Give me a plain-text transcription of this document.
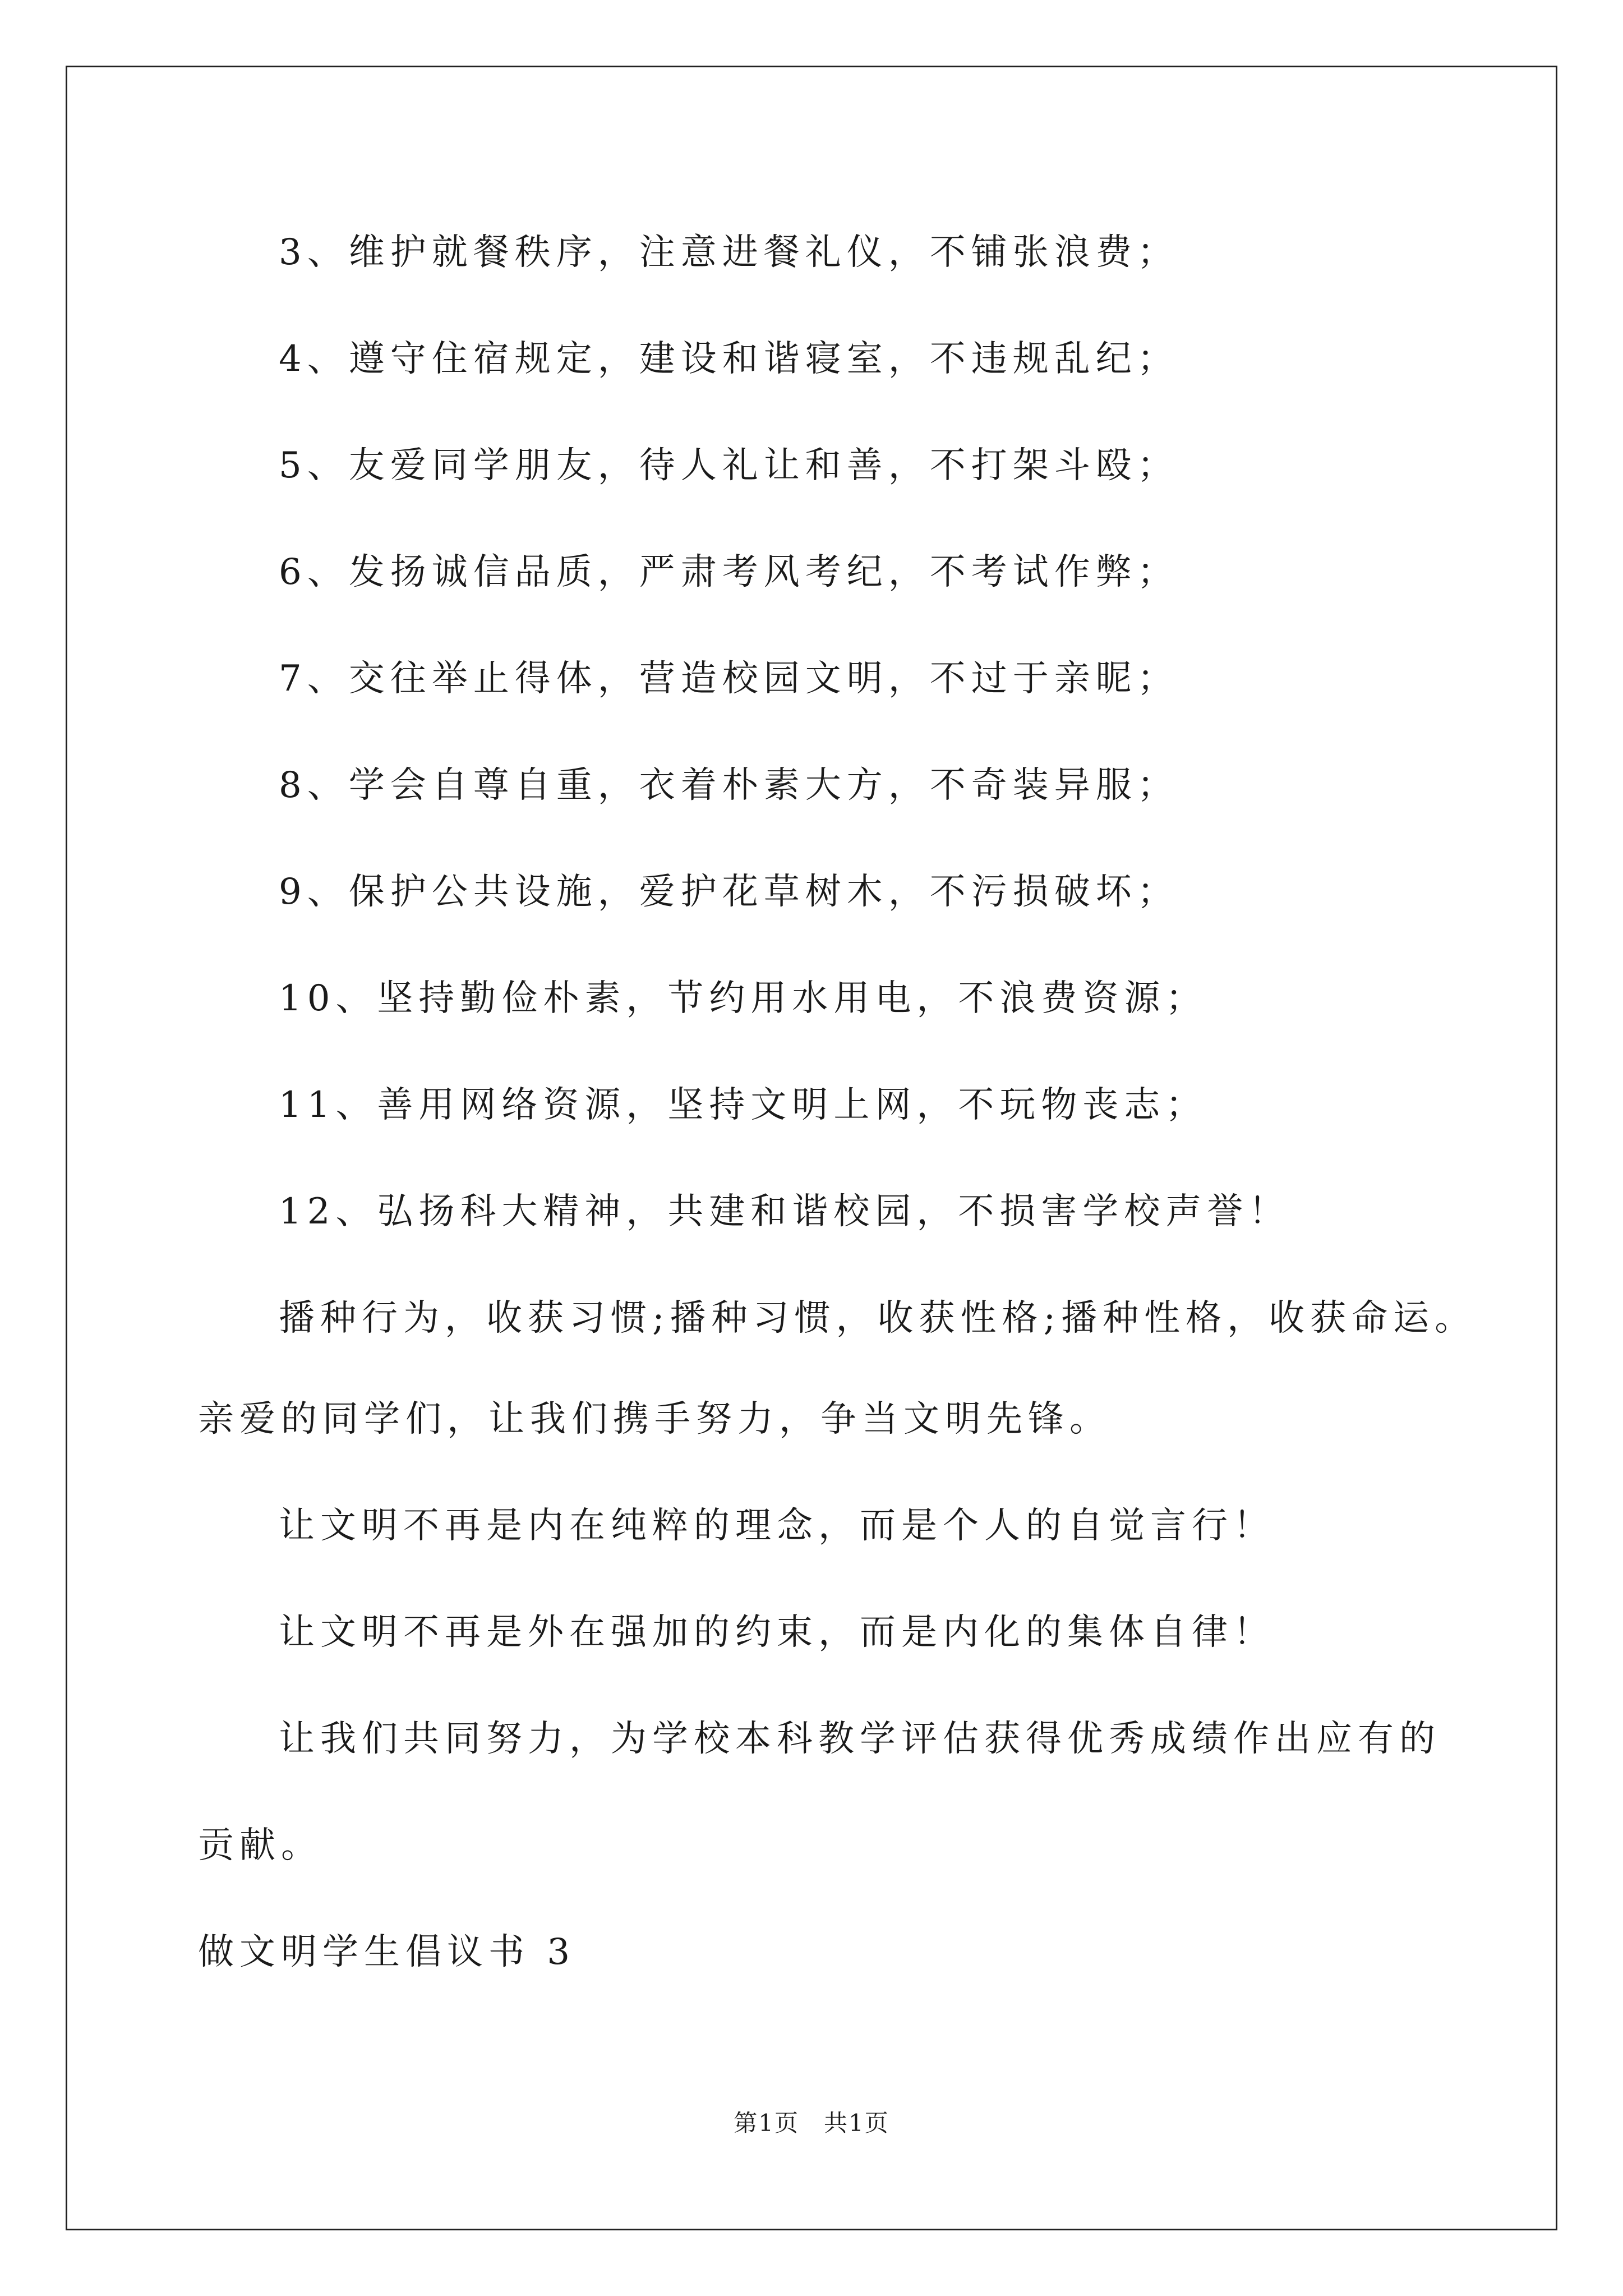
3、维护就餐秩序，注意进餐礼仪，不铺张浪费；
4、遵守住宿规定，建设和谐寝室，不违规乱纪；
5、友爱同学朋友，待人礼让和善，不打架斗殴；
6、发扬诚信品质，严肃考风考纪，不考试作弊；
7、交往举止得体，营造校园文明，不过于亲昵；
8、学会自尊自重，衣着朴素大方，不奇装异服；
9、保护公共设施，爱护花草树木，不污损破坏；
10、坚持勤俭朴素，节约用水用电，不浪费资源；
11、善用网络资源，坚持文明上网，不玩物丧志；
12、弘扬科大精神，共建和谐校园，不损害学校声誉！
播种行为，收获习惯;播种习惯，收获性格;播种性格，收获命运。
亲爱的同学们，让我们携手努力，争当文明先锋。
让文明不再是内在纯粹的理念，而是个人的自觉言行！
让文明不再是外在强加的约束，而是内化的集体自律！
让我们共同努力，为学校本科教学评估获得优秀成绩作出应有的
贡献。
做文明学生倡议书 3
第1页　共1页
